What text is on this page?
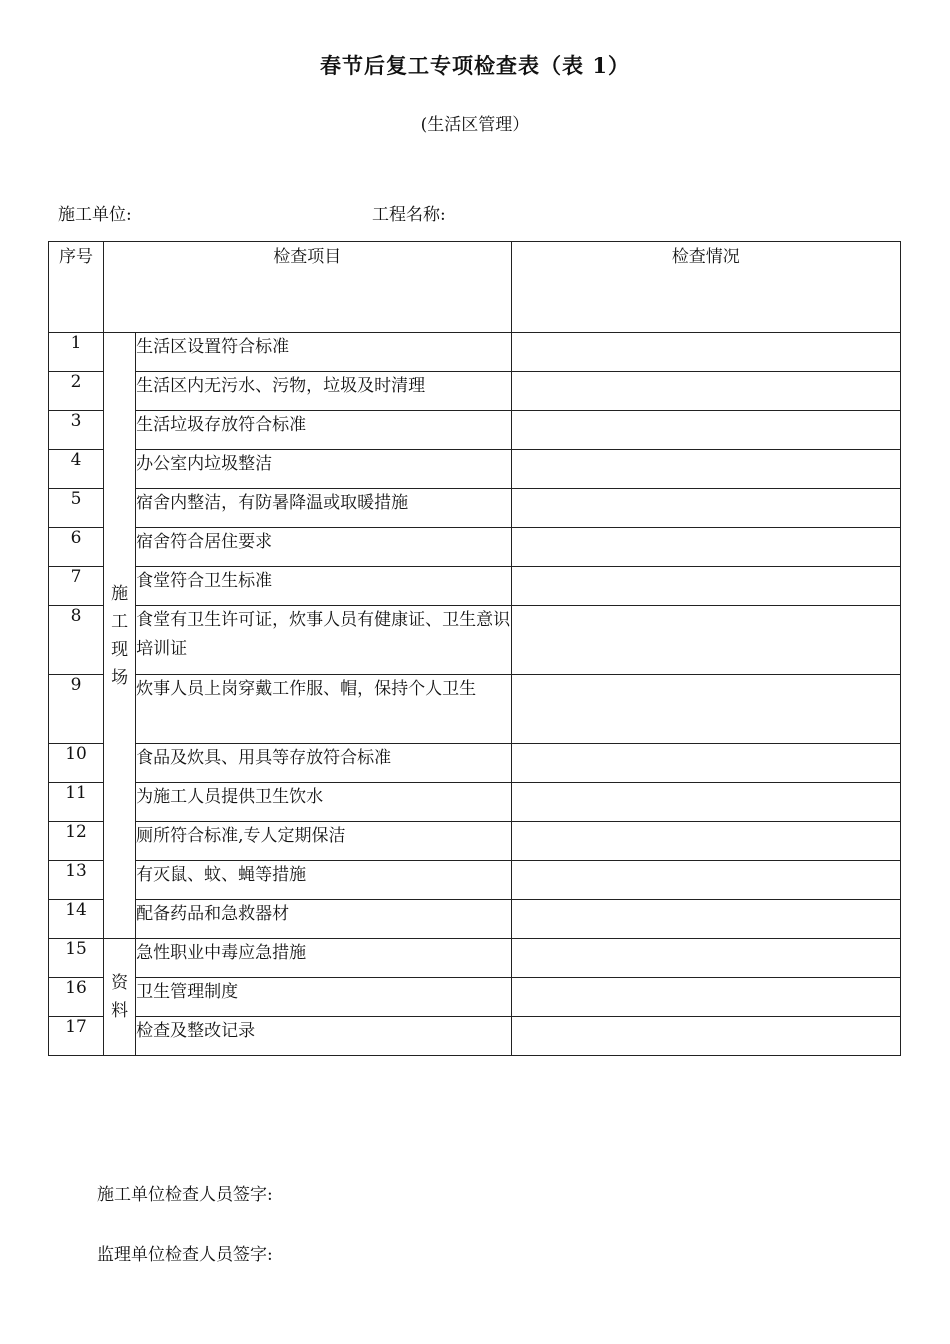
春节后复工专项检查表（表 1）
(生活区管理）
施工单位:	工程名称:
序号	检查项目		检查情况
1	施工现场	生活区设置符合标准	
2		生活区内无污水、污物，垃圾及时清理	
3		生活垃圾存放符合标准	
4		办公室内垃圾整洁	
5		宿舍内整洁，有防暑降温或取暖措施	
6		宿舍符合居住要求	
7		食堂符合卫生标准	
8		食堂有卫生许可证，炊事人员有健康证、卫生意识培训证	
9		炊事人员上岗穿戴工作服、帽，保持个人卫生	
10		食品及炊具、用具等存放符合标准	
11		为施工人员提供卫生饮水	
12		厕所符合标准,专人定期保洁	
13		有灭鼠、蚊、蝇等措施	
14		配备药品和急救器材	
15	资料	急性职业中毒应急措施	
16		卫生管理制度	
17		检查及整改记录	
施工单位检查人员签字:
监理单位检查人员签字:
